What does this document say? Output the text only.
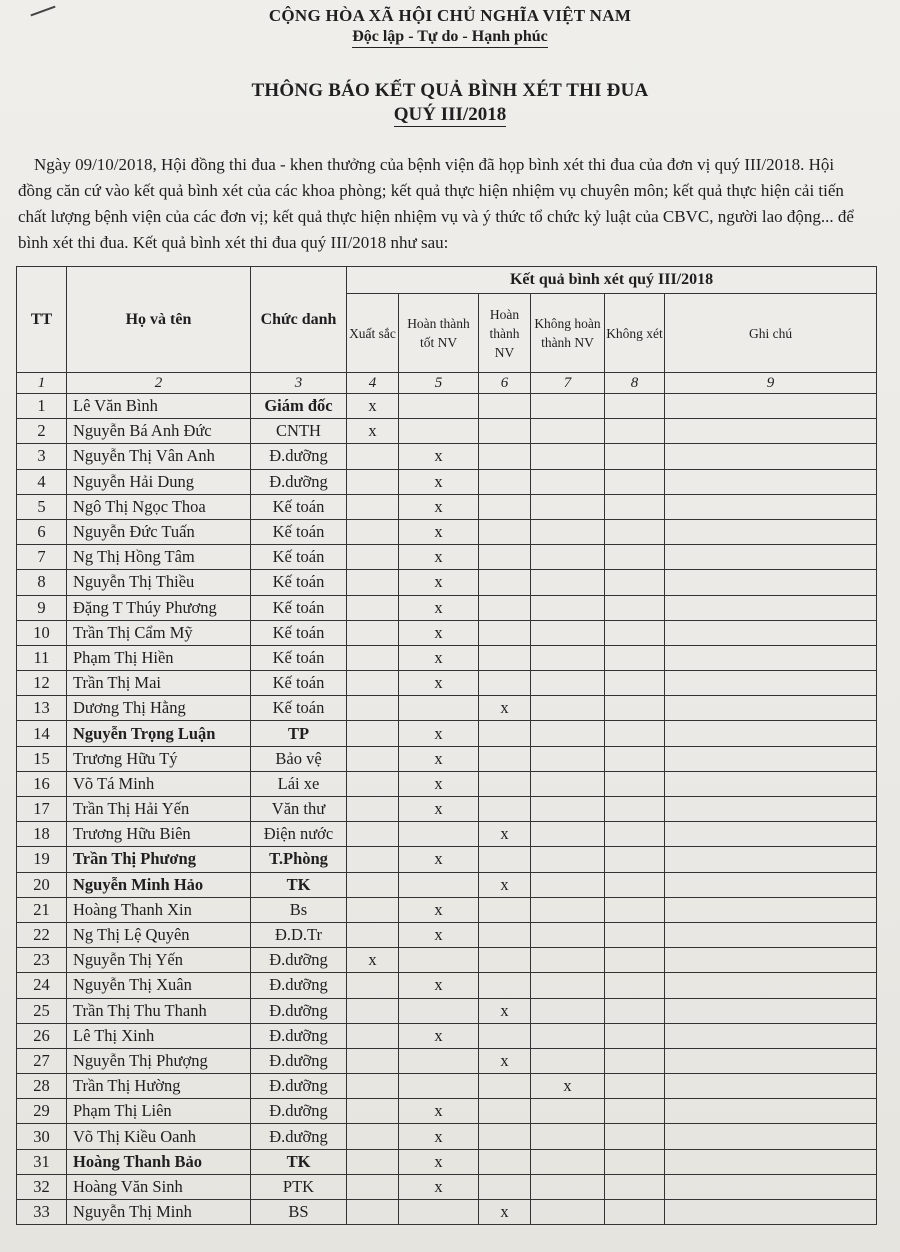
CỘNG HÒA XÃ HỘI CHỦ NGHĨA VIỆT NAM

Độc lập - Tự do - Hạnh phúc

THÔNG BÁO KẾT QUẢ BÌNH XÉT THI ĐUA

QUÝ III/2018

Ngày 09/10/2018, Hội đồng thi đua - khen thưởng của bệnh viện đã họp bình xét thi đua của đơn vị quý III/2018. Hội đồng căn cứ vào kết quả bình xét của các khoa phòng; kết quả thực hiện nhiệm vụ chuyên môn; kết quả thực hiện cải tiến chất lượng bệnh viện của các đơn vị; kết quả thực hiện nhiệm vụ và ý thức tổ chức kỷ luật của CBVC, người lao động... để bình xét thi đua. Kết quả bình xét thi đua quý III/2018 như sau:

TT	Họ và tên	Chức danh	Kết quả bình xét quý III/2018					
			Xuất sắc	Hoàn thành tốt NV	Hoàn thành NV	Không hoàn thành NV	Không xét	Ghi chú
1	2	3	4	5	6	7	8	9
1	Lê Văn Bình	Giám đốc	x					
2	Nguyễn Bá Anh Đức	CNTH	x					
3	Nguyễn Thị Vân Anh	Đ.dưỡng		x				
4	Nguyễn Hải Dung	Đ.dưỡng		x				
5	Ngô Thị Ngọc Thoa	Kế toán		x				
6	Nguyễn Đức Tuấn	Kế toán		x				
7	Ng Thị Hồng Tâm	Kế toán		x				
8	Nguyễn Thị Thiều	Kế toán		x				
9	Đặng T Thúy Phương	Kế toán		x				
10	Trần Thị Cẩm Mỹ	Kế toán		x				
11	Phạm Thị Hiền	Kế toán		x				
12	Trần Thị Mai	Kế toán		x				
13	Dương Thị Hằng	Kế toán			x			
14	Nguyễn Trọng Luận	TP		x				
15	Trương Hữu Tý	Bảo vệ		x				
16	Võ Tá Minh	Lái xe		x				
17	Trần Thị Hải Yến	Văn thư		x				
18	Trương Hữu Biên	Điện nước			x			
19	Trần Thị Phương	T.Phòng		x				
20	Nguyễn Minh Hảo	TK			x			
21	Hoàng Thanh Xin	Bs		x				
22	Ng Thị Lệ Quyên	Đ.D.Tr		x				
23	Nguyễn Thị Yến	Đ.dưỡng	x					
24	Nguyễn Thị Xuân	Đ.dưỡng		x				
25	Trần Thị Thu Thanh	Đ.dưỡng			x			
26	Lê Thị Xinh	Đ.dưỡng		x				
27	Nguyễn Thị Phượng	Đ.dưỡng			x			
28	Trần Thị Hường	Đ.dưỡng				x		
29	Phạm Thị Liên	Đ.dưỡng		x				
30	Võ Thị Kiều Oanh	Đ.dưỡng		x				
31	Hoàng Thanh Bảo	TK		x				
32	Hoàng Văn Sinh	PTK		x				
33	Nguyễn Thị Minh	BS			x			
